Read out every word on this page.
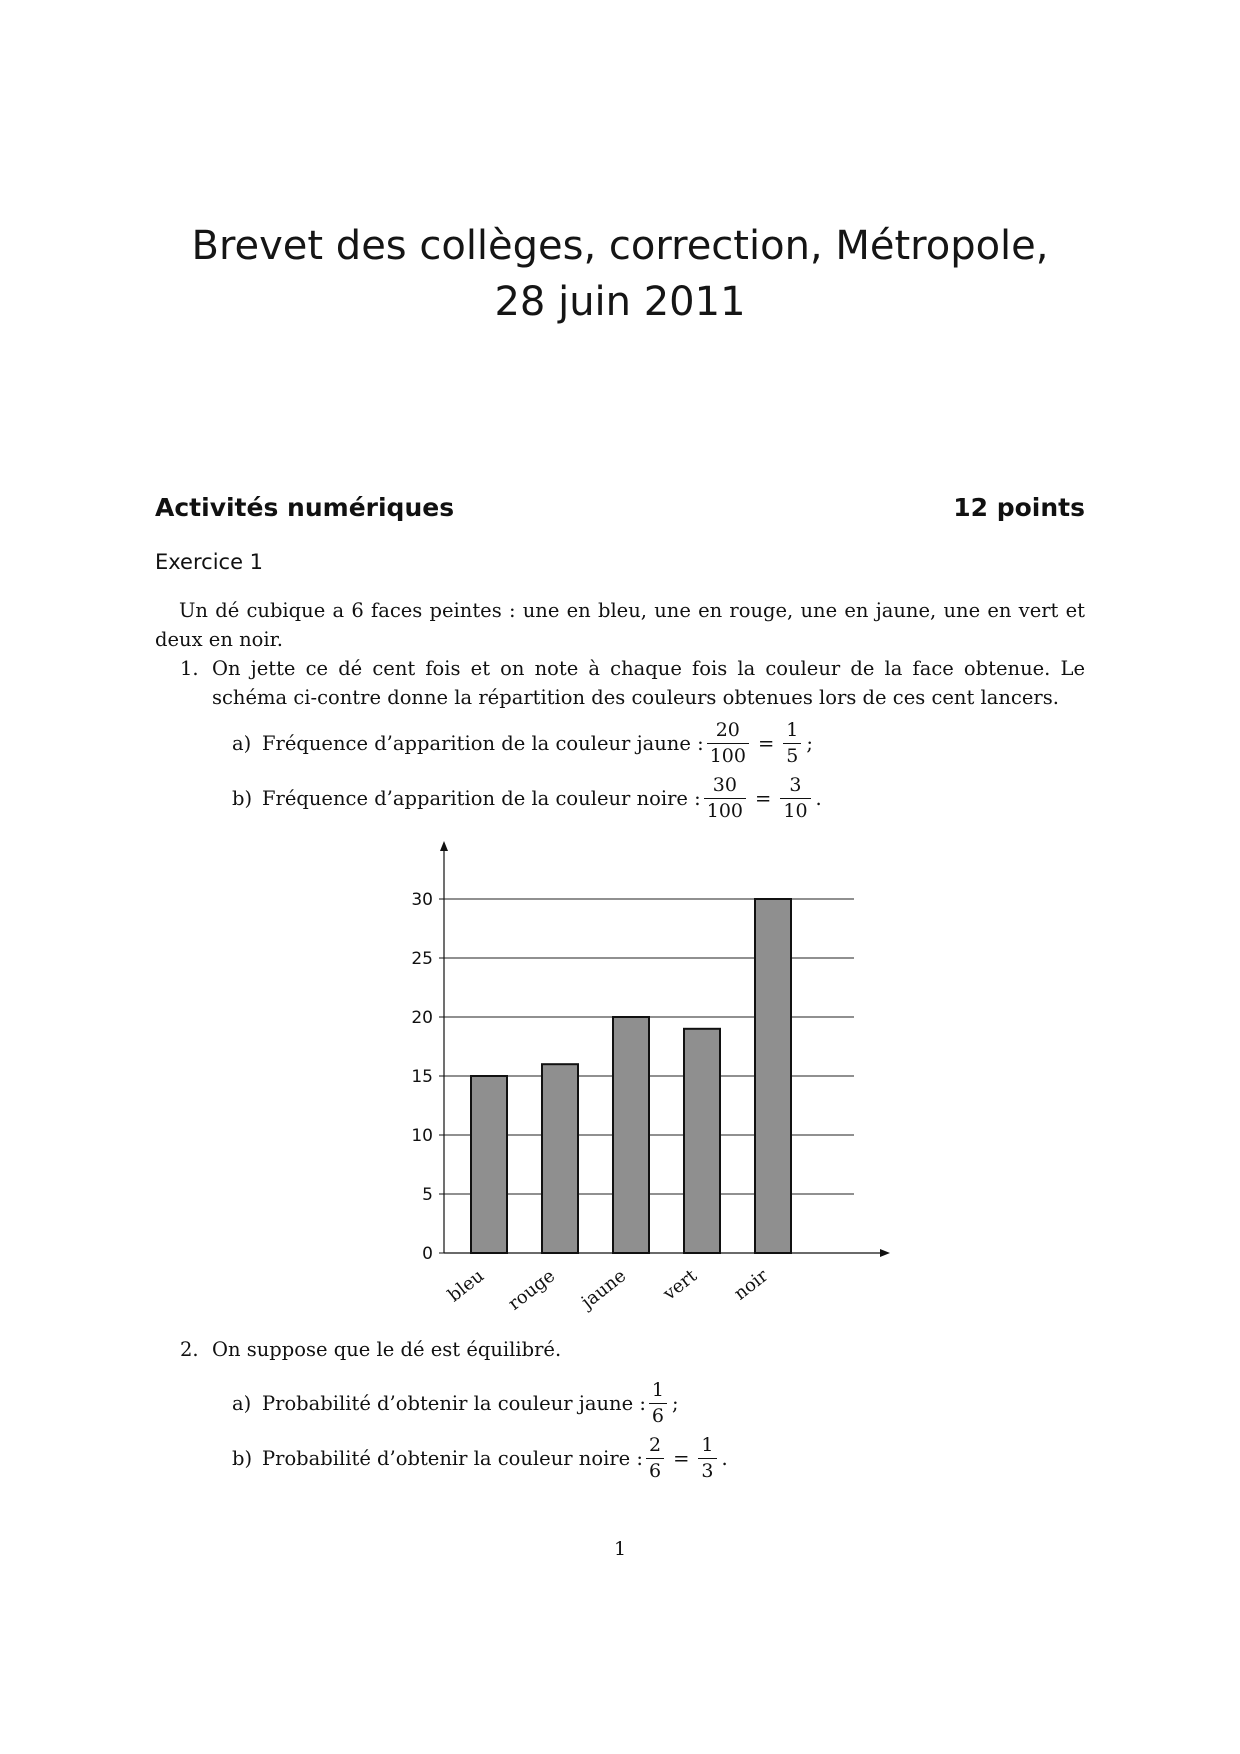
Brevet des collèges, correction, Métropole,
28 juin 2011
Activités numériques	12 points
Exercice 1
Un dé cubique a 6 faces peintes : une en bleu, une en rouge, une en jaune, une en vert et deux en noir.
1. On jette ce dé cent fois et on note à chaque fois la couleur de la face obtenue. Le schéma ci-contre donne la répartition des couleurs obtenues lors de ces cent lancers.
a) Fréquence d’apparition de la couleur jaune : $\frac{20}{100} = \frac{1}{5}$ ;
b) Fréquence d’apparition de la couleur noire : $\frac{30}{100} = \frac{3}{10}$ .
0
5
10
15
20
25
30
bleu rouge jaune vert noir
2. On suppose que le dé est équilibré.
a) Probabilité d’obtenir la couleur jaune : $\frac{1}{6}$ ;
b) Probabilité d’obtenir la couleur noire : $\frac{2}{6} = \frac{1}{3}$ .
1
